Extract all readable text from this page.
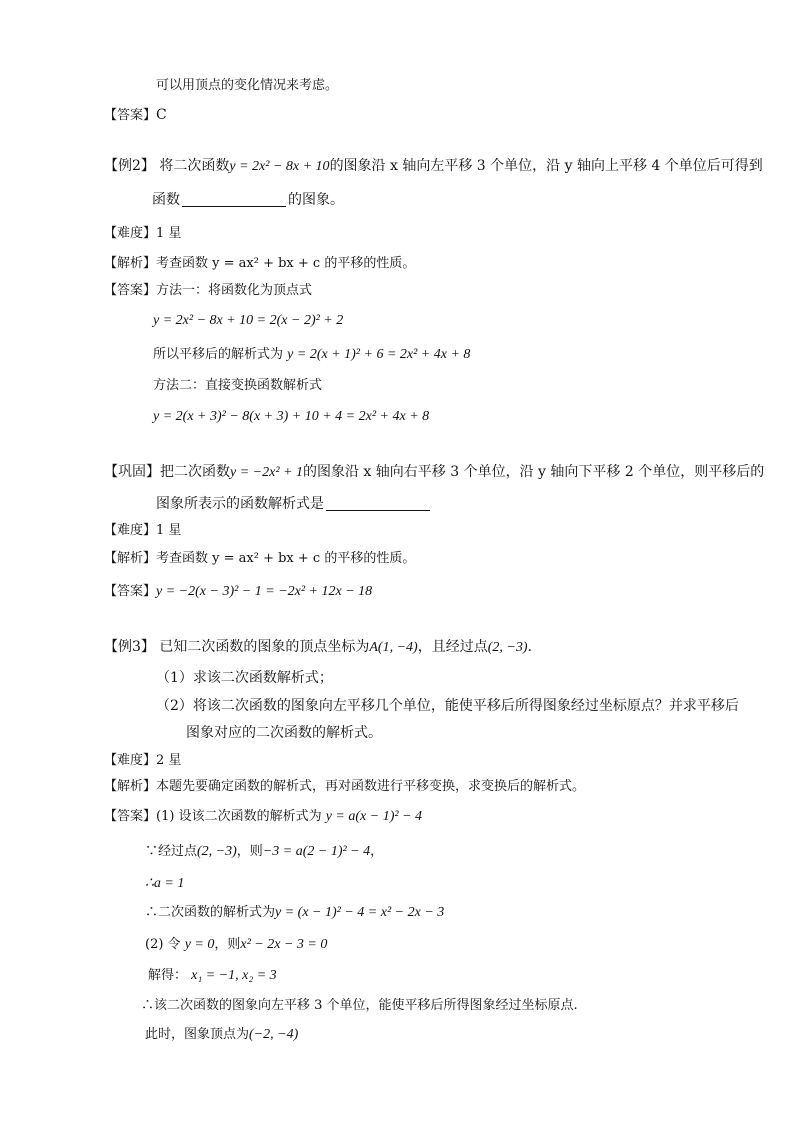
可以用顶点的变化情况来考虑。
【答案】C
【例2】 将二次函数y = 2x² − 8x + 10的图象沿 x 轴向左平移 3 个单位，沿 y 轴向上平移 4 个单位后可得到
函数	的图象。
【难度】1 星
【解析】考查函数 y = ax² + bx + c 的平移的性质。
【答案】方法一：将函数化为顶点式
y = 2x² − 8x + 10 = 2(x − 2)² + 2
所以平移后的解析式为 y = 2(x + 1)² + 6 = 2x² + 4x + 8
方法二：直接变换函数解析式
y = 2(x + 3)² − 8(x + 3) + 10 + 4 = 2x² + 4x + 8
【巩固】把二次函数y = −2x² + 1的图象沿 x 轴向右平移 3 个单位，沿 y 轴向下平移 2 个单位，则平移后的
图象所表示的函数解析式是
【难度】1 星
【解析】考查函数 y = ax² + bx + c 的平移的性质。
【答案】y = −2(x − 3)² − 1 = −2x² + 12x − 18
【例3】 已知二次函数的图象的顶点坐标为A(1, −4)，且经过点(2, −3).
（1）求该二次函数解析式；
（2）将该二次函数的图象向左平移几个单位，能使平移后所得图象经过坐标原点？并求平移后
图象对应的二次函数的解析式。
【难度】2 星
【解析】本题先要确定函数的解析式，再对函数进行平移变换，求变换后的解析式。
【答案】(1) 设该二次函数的解析式为 y = a(x − 1)² − 4
∵经过点(2, −3)，则−3 = a(2 − 1)² − 4，
∴a = 1
∴二次函数的解析式为y = (x − 1)² − 4 = x² − 2x − 3
(2) 令 y = 0，则x² − 2x − 3 = 0
解得： x₁ = −1, x₂ = 3
∴该二次函数的图象向左平移 3 个单位，能使平移后所得图象经过坐标原点.
此时，图象顶点为(−2, −4)
